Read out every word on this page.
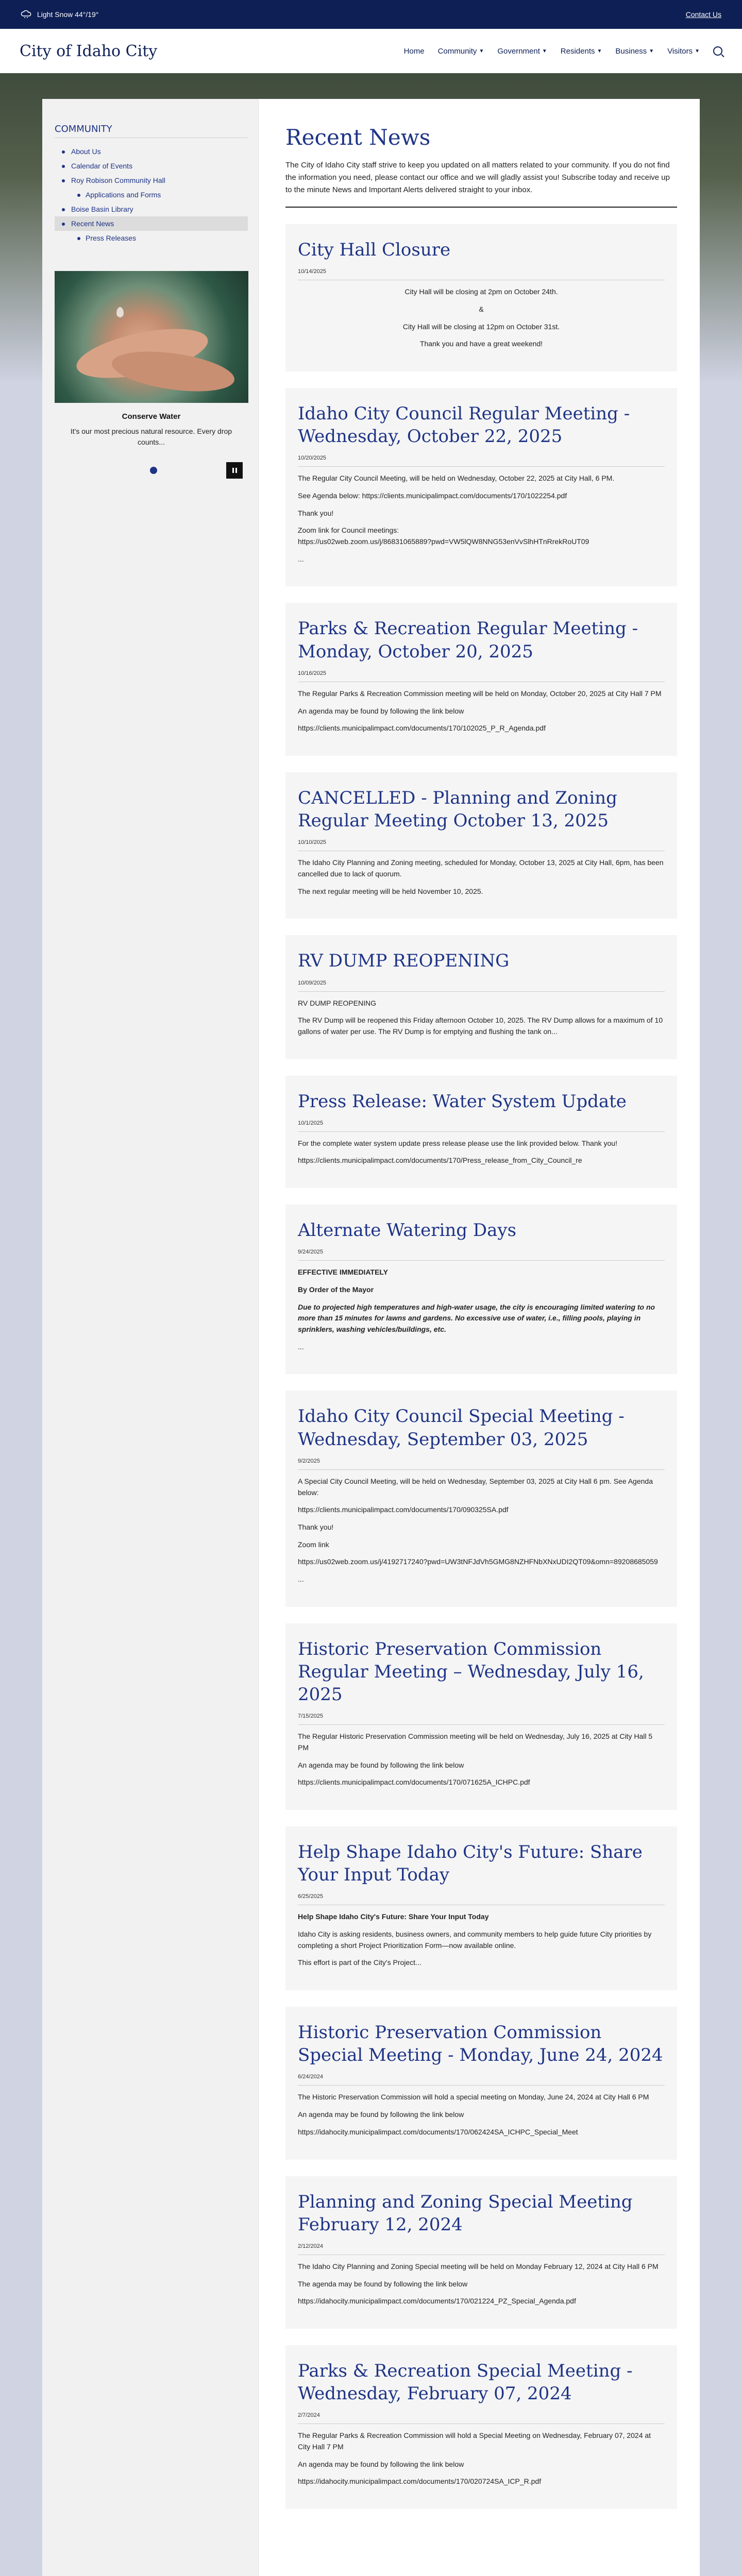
Light Snow 44°/19°	Contact Us
City of Idaho City	Home Community ▼ Government ▼ Residents ▼ Business ▼ Visitors ▼
COMMUNITY
About Us
Calendar of Events
Roy Robison Community Hall
Applications and Forms
Boise Basin Library
Recent News
Press Releases
Conserve Water
It's our most precious natural resource. Every drop counts...
Recent News

The City of Idaho City staff strive to keep you updated on all matters related to your community. If you do not find the information you need, please contact our office and we will gladly assist you! Subscribe today and receive up to the minute News and Important Alerts delivered straight to your inbox.

City Hall Closure
10/14/2025

City Hall will be closing at 2pm on October 24th.

&

City Hall will be closing at 12pm on October 31st.

Thank you and have a great weekend!

Idaho City Council Regular Meeting - Wednesday, October 22, 2025
10/20/2025

The Regular City Council Meeting, will be held on Wednesday, October 22, 2025 at City Hall, 6 PM.

See Agenda below: https://clients.municipalimpact.com/documents/170/1022254.pdf

Thank you!

Zoom link for Council meetings:
https://us02web.zoom.us/j/86831065889?pwd=VW5lQW8NNG53enVvSlhHTnRrekRoUT09

...

Parks & Recreation Regular Meeting - Monday, October 20, 2025
10/16/2025

The Regular Parks & Recreation Commission meeting will be held on Monday, October 20, 2025 at City Hall 7 PM

An agenda may be found by following the link below

https://clients.municipalimpact.com/documents/170/102025_P_R_Agenda.pdf

CANCELLED - Planning and Zoning Regular Meeting October 13, 2025
10/10/2025

The Idaho City Planning and Zoning meeting, scheduled for Monday, October 13, 2025 at City Hall, 6pm, has been cancelled due to lack of quorum.

The next regular meeting will be held November 10, 2025.

RV DUMP REOPENING
10/09/2025

RV DUMP REOPENING

The RV Dump will be reopened this Friday afternoon October 10, 2025. The RV Dump allows for a maximum of 10 gallons of water per use. The RV Dump is for emptying and flushing the tank on...

Press Release: Water System Update
10/1/2025

For the complete water system update press release please use the link provided below. Thank you!

https://clients.municipalimpact.com/documents/170/Press_release_from_City_Council_re

Alternate Watering Days
9/24/2025

EFFECTIVE IMMEDIATELY

By Order of the Mayor

Due to projected high temperatures and high-water usage, the city is encouraging limited watering to no more than 15 minutes for lawns and gardens. No excessive use of water, i.e., filling pools, playing in sprinklers, washing vehicles/buildings, etc.

...

Idaho City Council Special Meeting - Wednesday, September 03, 2025
9/2/2025

A Special City Council Meeting, will be held on Wednesday, September 03, 2025 at City Hall 6 pm. See Agenda below:

https://clients.municipalimpact.com/documents/170/090325SA.pdf

Thank you!

Zoom link

https://us02web.zoom.us/j/4192717240?pwd=UW3tNFJdVh5GMG8NZHFNbXNxUDI2QT09&omn=89208685059

...

Historic Preservation Commission Regular Meeting – Wednesday, July 16, 2025
7/15/2025

The Regular Historic Preservation Commission meeting will be held on Wednesday, July 16, 2025 at City Hall 5 PM

An agenda may be found by following the link below

https://clients.municipalimpact.com/documents/170/071625A_ICHPC.pdf

Help Shape Idaho City's Future: Share Your Input Today
6/25/2025

Help Shape Idaho City's Future: Share Your Input Today

Idaho City is asking residents, business owners, and community members to help guide future City priorities by completing a short Project Prioritization Form—now available online.

This effort is part of the City's Project...

Historic Preservation Commission Special Meeting - Monday, June 24, 2024
6/24/2024

The Historic Preservation Commission will hold a special meeting on Monday, June 24, 2024 at City Hall 6 PM

An agenda may be found by following the link below

https://idahocity.municipalimpact.com/documents/170/062424SA_ICHPC_Special_Meet

Planning and Zoning Special Meeting February 12, 2024
2/12/2024

The Idaho City Planning and Zoning Special meeting will be held on Monday February 12, 2024 at City Hall 6 PM

The agenda may be found by following the link below

https://idahocity.municipalimpact.com/documents/170/021224_PZ_Special_Agenda.pdf

Parks & Recreation Special Meeting - Wednesday, February 07, 2024
2/7/2024

The Regular Parks & Recreation Commission will hold a Special Meeting on Wednesday, February 07, 2024 at City Hall 7 PM

An agenda may be found by following the link below

https://idahocity.municipalimpact.com/documents/170/020724SA_ICP_R.pdf
